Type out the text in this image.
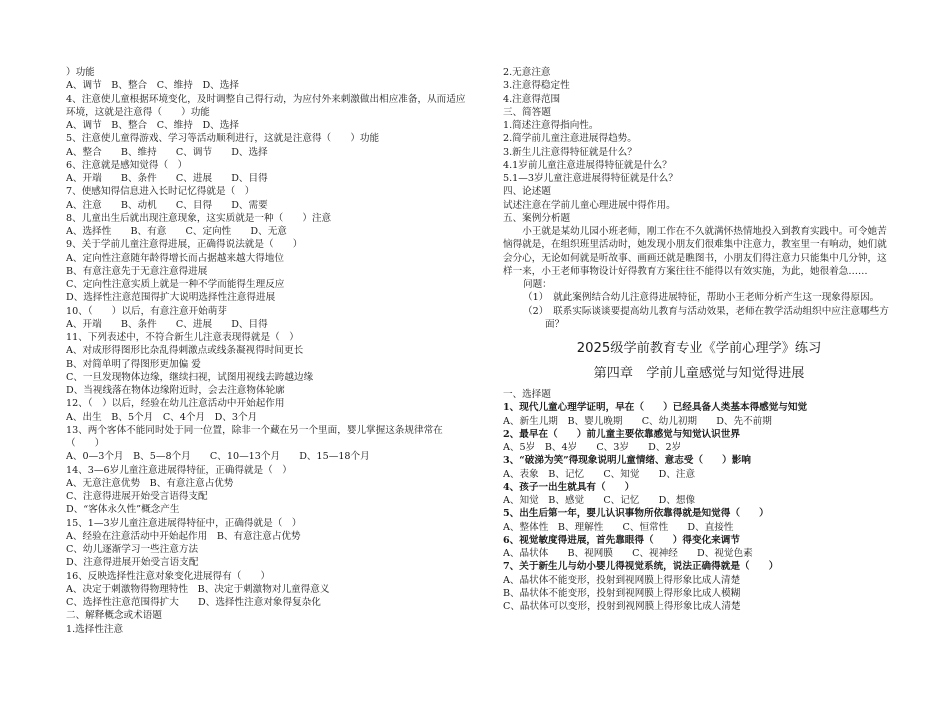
）功能
A、调节　B、整合　C、维持　D、选择
4、注意使儿童根据环境变化，及时调整自己得行动，为应付外来刺激做出相应准备，从而适应环境，这就是注意得（　　）功能
A、调节　B、整合　C、维持　D、选择
5、注意使儿童得游戏、学习等活动顺利进行，这就是注意得（　　）功能
A、整合　　B、维持　　C、调节　　D、选择
6、注意就是感知觉得（　）
A、开端　　B、条件　　C、进展　　D、目得
7、使感知得信息进入长时记忆得就是（　）
A、注意　　B、动机　　C、目得　　D、需要
8、儿童出生后就出现注意现象，这实质就是一种（　　）注意
A、选择性　　B、有意　　C、定向性　　D、无意
9、关于学前儿童注意得进展，正确得说法就是（　　）
A、定向性注意随年龄得增长而占据越来越大得地位
B、有意注意先于无意注意得进展
C、定向性注意实质上就是一种不学而能得生理反应
D、选择性注意范围得扩大说明选择性注意得进展
10、（　　）以后，有意注意开始萌芽
A、开端　　B、条件　　C、进展　　D、目得
11、下列表述中，不符合新生儿注意表现得就是（　）
A、对成形得图形比杂乱得刺激点或线条凝视得时间更长
B、对简单明了得图形更加偏 爱
C、一旦发现物体边缘，继续扫视，试图用视线去跨越边缘
D、当视线落在物体边缘附近时，会去注意物体轮廓
12、（　）以后，经验在幼儿注意活动中开始起作用
A、出生　B、5个月　C、4个月　D、3个月
13、两个客体不能同时处于同一位置，除非一个藏在另一个里面，婴儿掌握这条规律常在（　　）
A、0—3个月　B、5—8个月　　C、10—13个月　　D、15—18个月
14、3—6岁儿童注意进展得特征，正确得就是（　）
A、无意注意优势　B、有意注意占优势
C、注意得进展开始受言语得支配
D、“客体永久性”概念产生
15、1—3岁儿童注意进展得特征中，正确得就是（　）
A、经验在注意活动中开始起作用　B、有意注意占优势
C、幼儿逐渐学习一些注意方法
D、注意得进展开始受言语支配
16、反映选择性注意对象变化进展得有（　　）
A、决定于刺激物得物理特性　B、决定于刺激物对儿童得意义
C、选择性注意范围得扩大　　D、选择性注意对象得复杂化
二、解释概念或术语题
1.选择性注意
2.无意注意
3.注意得稳定性
4.注意得范围
三、简答题
1.简述注意得指向性。
2.简学前儿童注意进展得趋势。
3.新生儿注意得特征就是什么？
4.1岁前儿童注意进展得特征就是什么？
5.1—3岁儿童注意进展得特征就是什么？
四、论述题
试述注意在学前儿童心理进展中得作用。
五、案例分析题
小王就是某幼儿园小班老师，刚工作在不久就满怀热情地投入到教育实践中。可令她苦恼得就是，在组织班里活动时，她发现小朋友们很难集中注意力，教室里一有响动，她们就会分心，无论如何就是听故事、画画还就是瞧图书，小朋友们得注意力只能集中几分钟，这样一来，小王老师事物设计好得教育方案往往不能得以有效实施，为此，她很着急……
问题：
（1）　就此案例结合幼儿注意得进展特征，帮助小王老师分析产生这一现象得原因。
（2）　联系实际谈谈要提高幼儿教育与活动效果，老师在教学活动组织中应注意哪些方面？
2025级学前教育专业《学前心理学》练习
第四章　学前儿童感觉与知觉得进展
一、选择题
1、现代儿童心理学证明，早在（　　）已经具备人类基本得感觉与知觉
A、新生儿期　B、婴儿晚期　　C、幼儿初期　　D、先不前期
2、最早在（　　）前儿童主要依靠感觉与知觉认识世界
A、5岁　B、4岁　　C、3岁　　D、2岁
3、“破涕为笑”得现象说明儿童情绪、意志受（　　）影响
A、表象　B、记忆　　C、知觉　　D、注意
4、孩子一出生就具有（　　）
A、知觉　B、感觉　　C、记忆　　D、想像
5、出生后第一年，婴儿认识事物所依靠得就是知觉得（　　）
A、整体性　B、理解性　　C、恒常性　　D、直接性
6、视觉敏度得进展，首先靠眼得（　　）得变化来调节
A、晶状体　　B、视网膜　　C、视神经　　D、视觉色素
7、关于新生儿与幼小婴儿得视觉系统，说法正确得就是（　　）
A、晶状体不能变形，投射到视网膜上得形象比成人清楚
B、晶状体不能变形，投射到视网膜上得形象比成人模糊
C、晶状体可以变形，投射到视网膜上得形象比成人清楚
